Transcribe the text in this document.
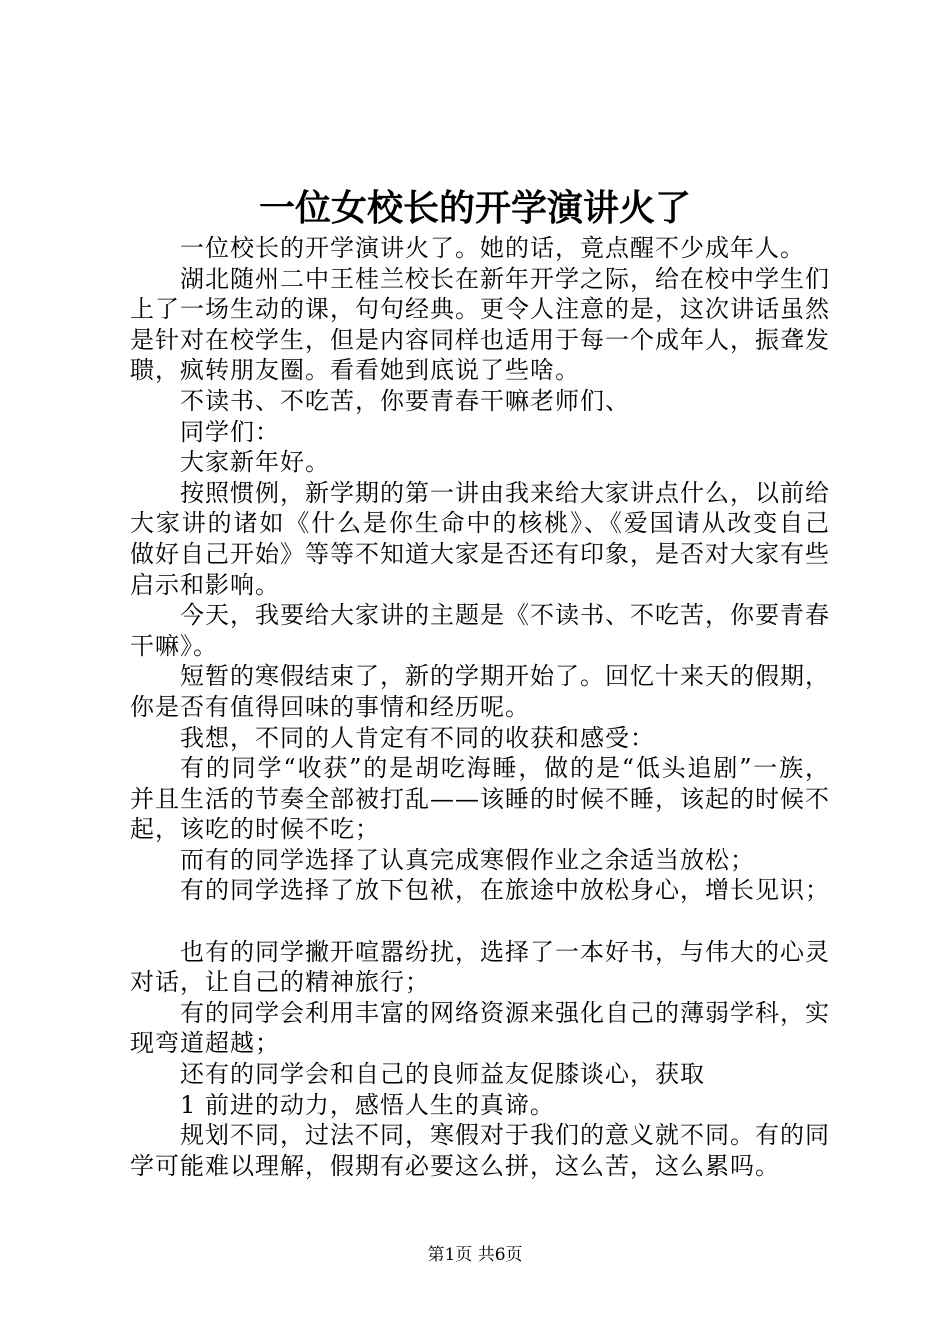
一位女校长的开学演讲火了

一位校长的开学演讲火了。她的话，竟点醒不少成年人。

湖北随州二中王桂兰校长在新年开学之际，给在校中学生们上了一场生动的课，句句经典。更令人注意的是，这次讲话虽然是针对在校学生，但是内容同样也适用于每一个成年人，振聋发聩，疯转朋友圈。看看她到底说了些啥。

不读书、不吃苦，你要青春干嘛老师们、

同学们：

大家新年好。

按照惯例，新学期的第一讲由我来给大家讲点什么，以前给大家讲的诸如《什么是你生命中的核桃》、《爱国请从改变自己做好自己开始》等等不知道大家是否还有印象，是否对大家有些启示和影响。

今天，我要给大家讲的主题是《不读书、不吃苦，你要青春干嘛》。

短暂的寒假结束了，新的学期开始了。回忆十来天的假期，你是否有值得回味的事情和经历呢。

我想，不同的人肯定有不同的收获和感受：

有的同学“收获”的是胡吃海睡，做的是“低头追剧”一族，并且生活的节奏全部被打乱——该睡的时候不睡，该起的时候不起，该吃的时候不吃；

而有的同学选择了认真完成寒假作业之余适当放松；

有的同学选择了放下包袱，在旅途中放松身心，增长见识；

也有的同学撇开喧嚣纷扰，选择了一本好书，与伟大的心灵对话，让自己的精神旅行；

有的同学会利用丰富的网络资源来强化自己的薄弱学科，实现弯道超越；

还有的同学会和自己的良师益友促膝谈心，获取

1 前进的动力，感悟人生的真谛。

规划不同，过法不同，寒假对于我们的意义就不同。有的同学可能难以理解，假期有必要这么拼，这么苦，这么累吗。

第1页 共6页
